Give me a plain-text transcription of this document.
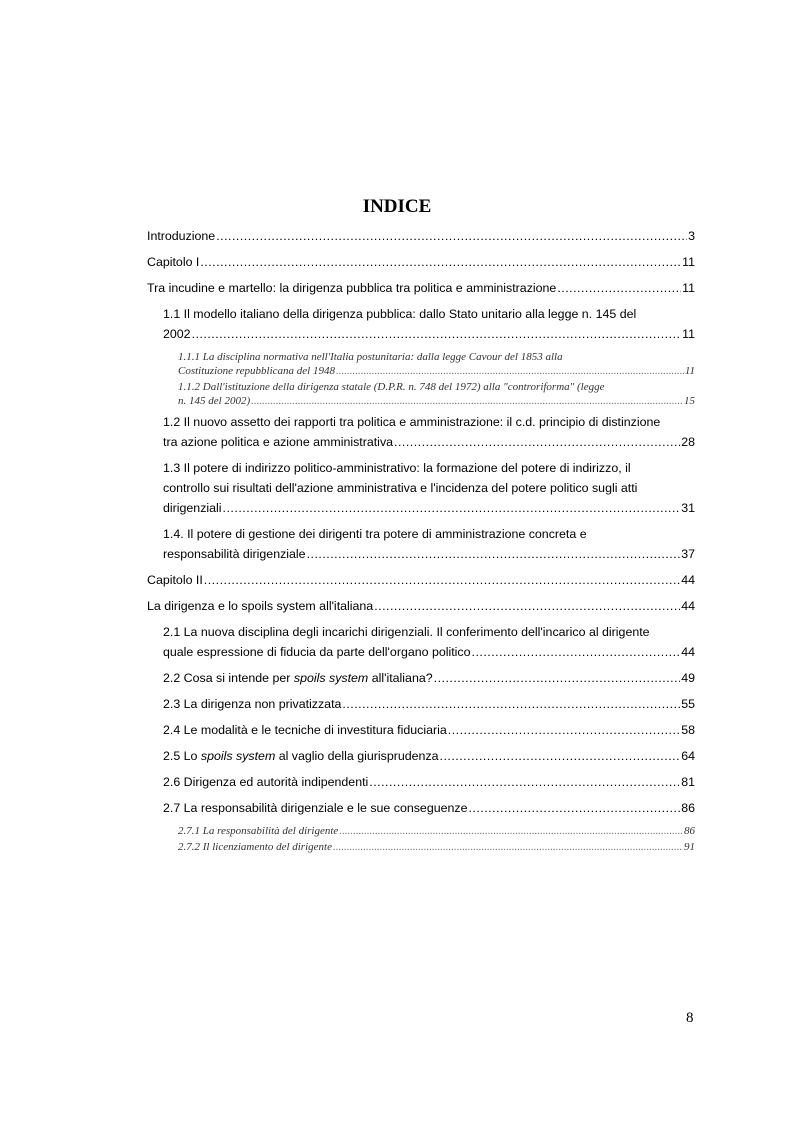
INDICE
Introduzione .....	3
Capitolo I .....	11
Tra incudine e martello: la dirigenza pubblica tra politica e amministrazione .....	11
1.1 Il modello italiano della dirigenza pubblica: dallo Stato unitario alla legge n. 145 del
2002 .....	11
1.1.1 La disciplina normativa nell'Italia postunitaria: dalla legge Cavour del 1853 alla
Costituzione repubblicana del 1948 .....	11
1.1.2 Dall'istituzione della dirigenza statale (D.P.R. n. 748 del 1972) alla "controriforma" (legge
n. 145 del 2002) .....	15
1.2 Il nuovo assetto dei rapporti tra politica e amministrazione: il c.d. principio di distinzione
tra azione politica e azione amministrativa .....	28
1.3 Il potere di indirizzo politico-amministrativo: la formazione del potere di indirizzo, il
controllo sui risultati dell'azione amministrativa e l'incidenza del potere politico sugli atti
dirigenziali .....	31
1.4. Il potere di gestione dei dirigenti tra potere di amministrazione concreta e
responsabilità dirigenziale .....	37
Capitolo II .....	44
La dirigenza e lo spoils system all'italiana .....	44
2.1 La nuova disciplina degli incarichi dirigenziali. Il conferimento dell'incarico al dirigente
quale espressione di fiducia da parte dell'organo politico .....	44
2.2 Cosa si intende per spoils system all'italiana? .....	49
2.3 La dirigenza non privatizzata .....	55
2.4 Le modalità e le tecniche di investitura fiduciaria .....	58
2.5 Lo spoils system al vaglio della giurisprudenza .....	64
2.6 Dirigenza ed autorità indipendenti .....	81
2.7 La responsabilità dirigenziale e le sue conseguenze .....	86
2.7.1 La responsabilità del dirigente .....	86
2.7.2 Il licenziamento del dirigente .....	91
8
